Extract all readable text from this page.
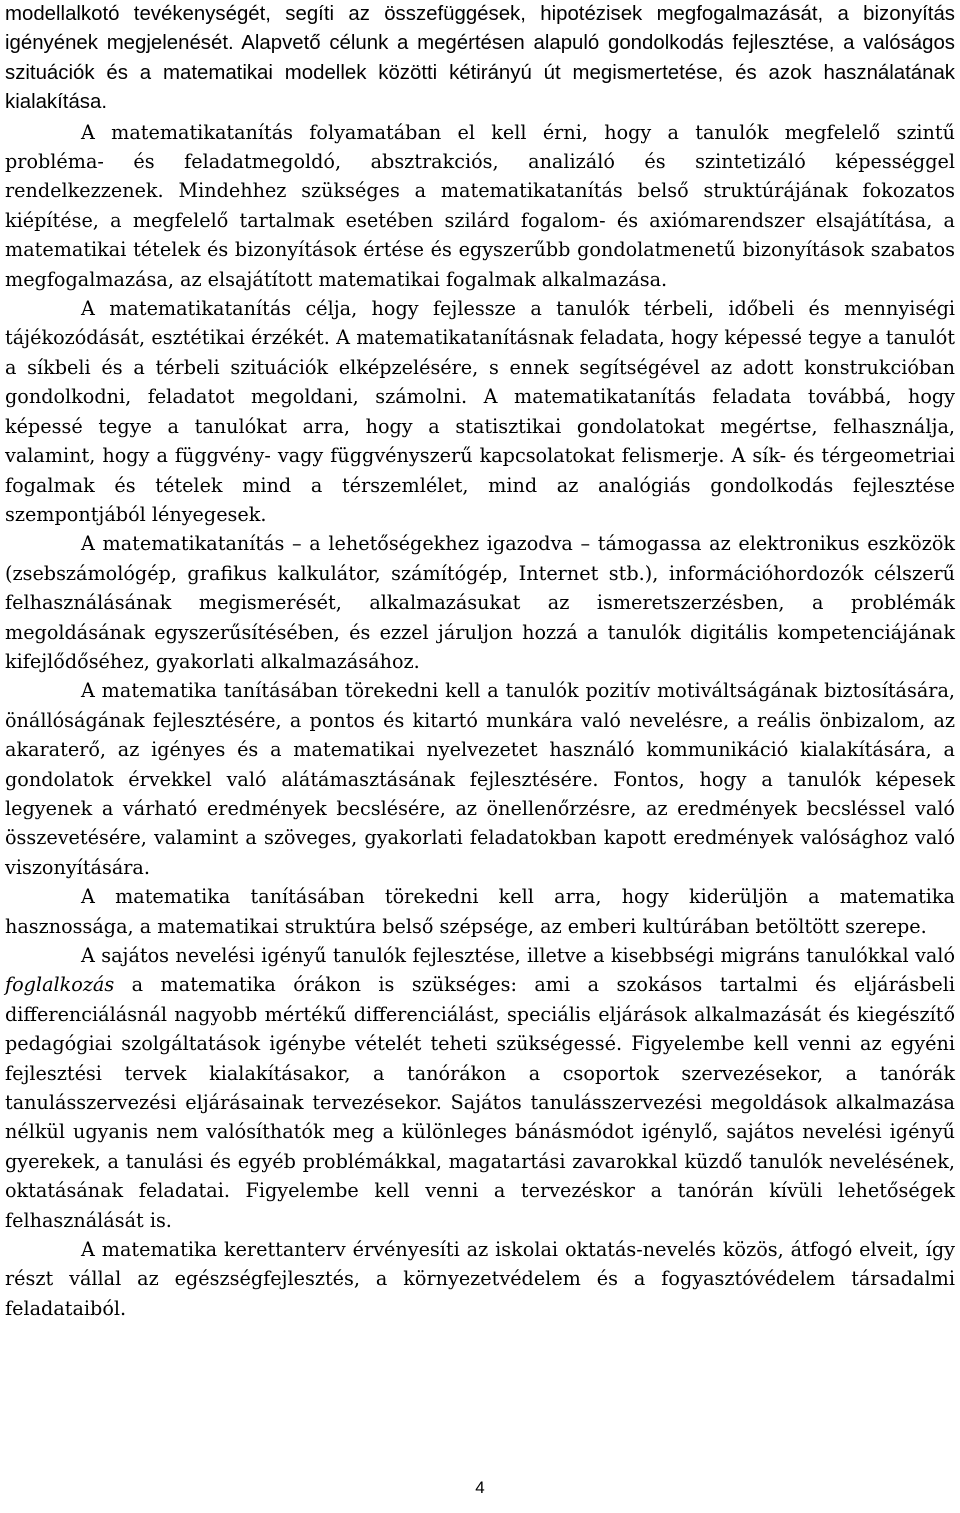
modellalkotó tevékenységét, segíti az összefüggések, hipotézisek megfogalmazását, a bizonyítás igényének megjelenését. Alapvető célunk a megértésen alapuló gondolkodás fejlesztése, a valóságos szituációk és a matematikai modellek közötti kétirányú út megismertetése, és azok használatának kialakítása.

A matematikatanítás folyamatában el kell érni, hogy a tanulók megfelelő szintű probléma- és feladatmegoldó, absztrakciós, analizáló és szintetizáló képességgel rendelkezzenek. Mindehhez szükséges a matematikatanítás belső struktúrájának fokozatos kiépítése, a megfelelő tartalmak esetében szilárd fogalom- és axiómarendszer elsajátítása, a matematikai tételek és bizonyítások értése és egyszerűbb gondolatmenetű bizonyítások szabatos megfogalmazása, az elsajátított matematikai fogalmak alkalmazása.

A matematikatanítás célja, hogy fejlessze a tanulók térbeli, időbeli és mennyiségi tájékozódását, esztétikai érzékét. A matematikatanításnak feladata, hogy képessé tegye a tanulót a síkbeli és a térbeli szituációk elképzelésére, s ennek segítségével az adott konstrukcióban gondolkodni, feladatot megoldani, számolni. A matematikatanítás feladata továbbá, hogy képessé tegye a tanulókat arra, hogy a statisztikai gondolatokat megértse, felhasználja, valamint, hogy a függvény- vagy függvényszerű kapcsolatokat felismerje. A sík- és térgeometriai fogalmak és tételek mind a térszemlélet, mind az analógiás gondolkodás fejlesztése szempontjából lényegesek.

A matematikatanítás – a lehetőségekhez igazodva – támogassa az elektronikus eszközök (zsebszámológép, grafikus kalkulátor, számítógép, Internet stb.), információhordozók célszerű felhasználásának megismerését, alkalmazásukat az ismeretszerzésben, a problémák megoldásának egyszerűsítésében, és ezzel járuljon hozzá a tanulók digitális kompetenciájának kifejlődőséhez, gyakorlati alkalmazásához.

A matematika tanításában törekedni kell a tanulók pozitív motiváltságának biztosítására, önállóságának fejlesztésére, a pontos és kitartó munkára való nevelésre, a reális önbizalom, az akaraterő, az igényes és a matematikai nyelvezetet használó kommunikáció kialakítására, a gondolatok érvekkel való alátámasztásának fejlesztésére. Fontos, hogy a tanulók képesek legyenek a várható eredmények becslésére, az önellenőrzésre, az eredmények becsléssel való összevetésére, valamint a szöveges, gyakorlati feladatokban kapott eredmények valósághoz való viszonyítására.

A matematika tanításában törekedni kell arra, hogy kiderüljön a matematika hasznossága, a matematikai struktúra belső szépsége, az emberi kultúrában betöltött szerepe.

A sajátos nevelési igényű tanulók fejlesztése, illetve a kisebbségi migráns tanulókkal való foglalkozás a matematika órákon is szükséges: ami a szokásos tartalmi és eljárásbeli differenciálásnál nagyobb mértékű differenciálást, speciális eljárások alkalmazását és kiegészítő pedagógiai szolgáltatások igénybe vételét teheti szükségessé. Figyelembe kell venni az egyéni fejlesztési tervek kialakításakor, a tanórákon a csoportok szervezésekor, a tanórák tanulásszervezési eljárásainak tervezésekor. Sajátos tanulásszervezési megoldások alkalmazása nélkül ugyanis nem valósíthatók meg a különleges bánásmódot igénylő, sajátos nevelési igényű gyerekek, a tanulási és egyéb problémákkal, magatartási zavarokkal küzdő tanulók nevelésének, oktatásának feladatai. Figyelembe kell venni a tervezéskor a tanórán kívüli lehetőségek felhasználását is.

A matematika kerettanterv érvényesíti az iskolai oktatás-nevelés közös, átfogó elveit, így részt vállal az egészségfejlesztés, a környezetvédelem és a fogyasztóvédelem társadalmi feladataiból.

4
